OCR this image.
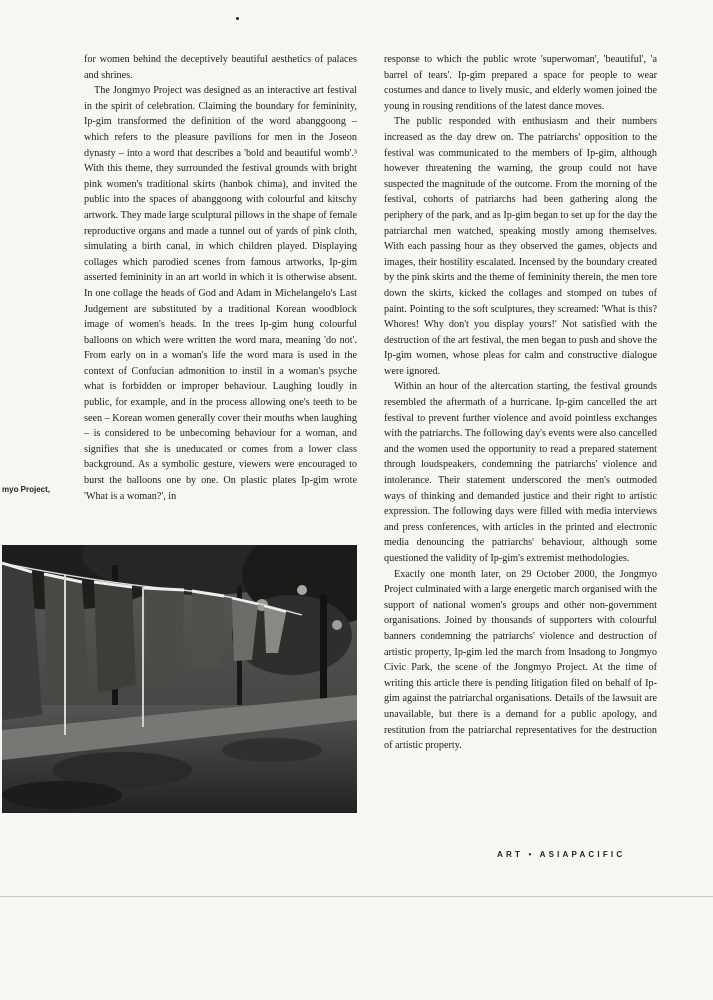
for women behind the deceptively beautiful aesthetics of palaces and shrines.

The Jongmyo Project was designed as an interactive art festival in the spirit of celebration. Claiming the boundary for femininity, Ip-gim transformed the definition of the word abanggoong – which refers to the pleasure pavilions for men in the Joseon dynasty – into a word that describes a 'bold and beautiful womb'.³ With this theme, they surrounded the festival grounds with bright pink women's traditional skirts (hanbok chima), and invited the public into the spaces of abanggoong with colourful and kitschy artwork. They made large sculptural pillows in the shape of female reproductive organs and made a tunnel out of yards of pink cloth, simulating a birth canal, in which children played. Displaying collages which parodied scenes from famous artworks, Ip-gim asserted femininity in an art world in which it is otherwise absent. In one collage the heads of God and Adam in Michelangelo's Last Judgement are substituted by a traditional Korean woodblock image of women's heads. In the trees Ip-gim hung colourful balloons on which were written the word mara, meaning 'do not'. From early on in a woman's life the word mara is used in the context of Confucian admonition to instil in a woman's psyche what is forbidden or improper behaviour. Laughing loudly in public, for example, and in the process allowing one's teeth to be seen – Korean women generally cover their mouths when laughing – is considered to be unbecoming behaviour for a woman, and signifies that she is uneducated or comes from a lower class background. As a symbolic gesture, viewers were encouraged to burst the balloons one by one. On plastic plates Ip-gim wrote 'What is a woman?', in

myo Project,

response to which the public wrote 'superwoman', 'beautiful', 'a barrel of tears'. Ip-gim prepared a space for people to wear costumes and dance to lively music, and elderly women joined the young in rousing renditions of the latest dance moves.

The public responded with enthusiasm and their numbers increased as the day drew on. The patriarchs' opposition to the festival was communicated to the members of Ip-gim, although however threatening the warning, the group could not have suspected the magnitude of the outcome. From the morning of the festival, cohorts of patriarchs had been gathering along the periphery of the park, and as Ip-gim began to set up for the day the patriarchal men watched, speaking mostly among themselves. With each passing hour as they observed the games, objects and images, their hostility escalated. Incensed by the boundary created by the pink skirts and the theme of femininity therein, the men tore down the skirts, kicked the collages and stomped on tubes of paint. Pointing to the soft sculptures, they screamed: 'What is this? Whores! Why don't you display yours!' Not satisfied with the destruction of the art festival, the men began to push and shove the Ip-gim women, whose pleas for calm and constructive dialogue were ignored.

Within an hour of the altercation starting, the festival grounds resembled the aftermath of a hurricane. Ip-gim cancelled the art festival to prevent further violence and avoid pointless exchanges with the patriarchs. The following day's events were also cancelled and the women used the opportunity to read a prepared statement through loudspeakers, condemning the patriarchs' violence and intolerance. Their statement underscored the men's outmoded ways of thinking and demanded justice and their right to artistic expression. The following days were filled with media interviews and press conferences, with articles in the printed and electronic media denouncing the patriarchs' behaviour, although some questioned the validity of Ip-gim's extremist methodologies.

Exactly one month later, on 29 October 2000, the Jongmyo Project culminated with a large energetic march organised with the support of national women's groups and other non-government organisations. Joined by thousands of supporters with colourful banners condemning the patriarchs' violence and destruction of artistic property, Ip-gim led the march from Insadong to Jongmyo Civic Park, the scene of the Jongmyo Project. At the time of writing this article there is pending litigation filed on behalf of Ip-gim against the patriarchal organisations. Details of the lawsuit are unavailable, but there is a demand for a public apology, and restitution from the patriarchal representatives for the destruction of artistic property.

ART • ASIAPACIFIC
